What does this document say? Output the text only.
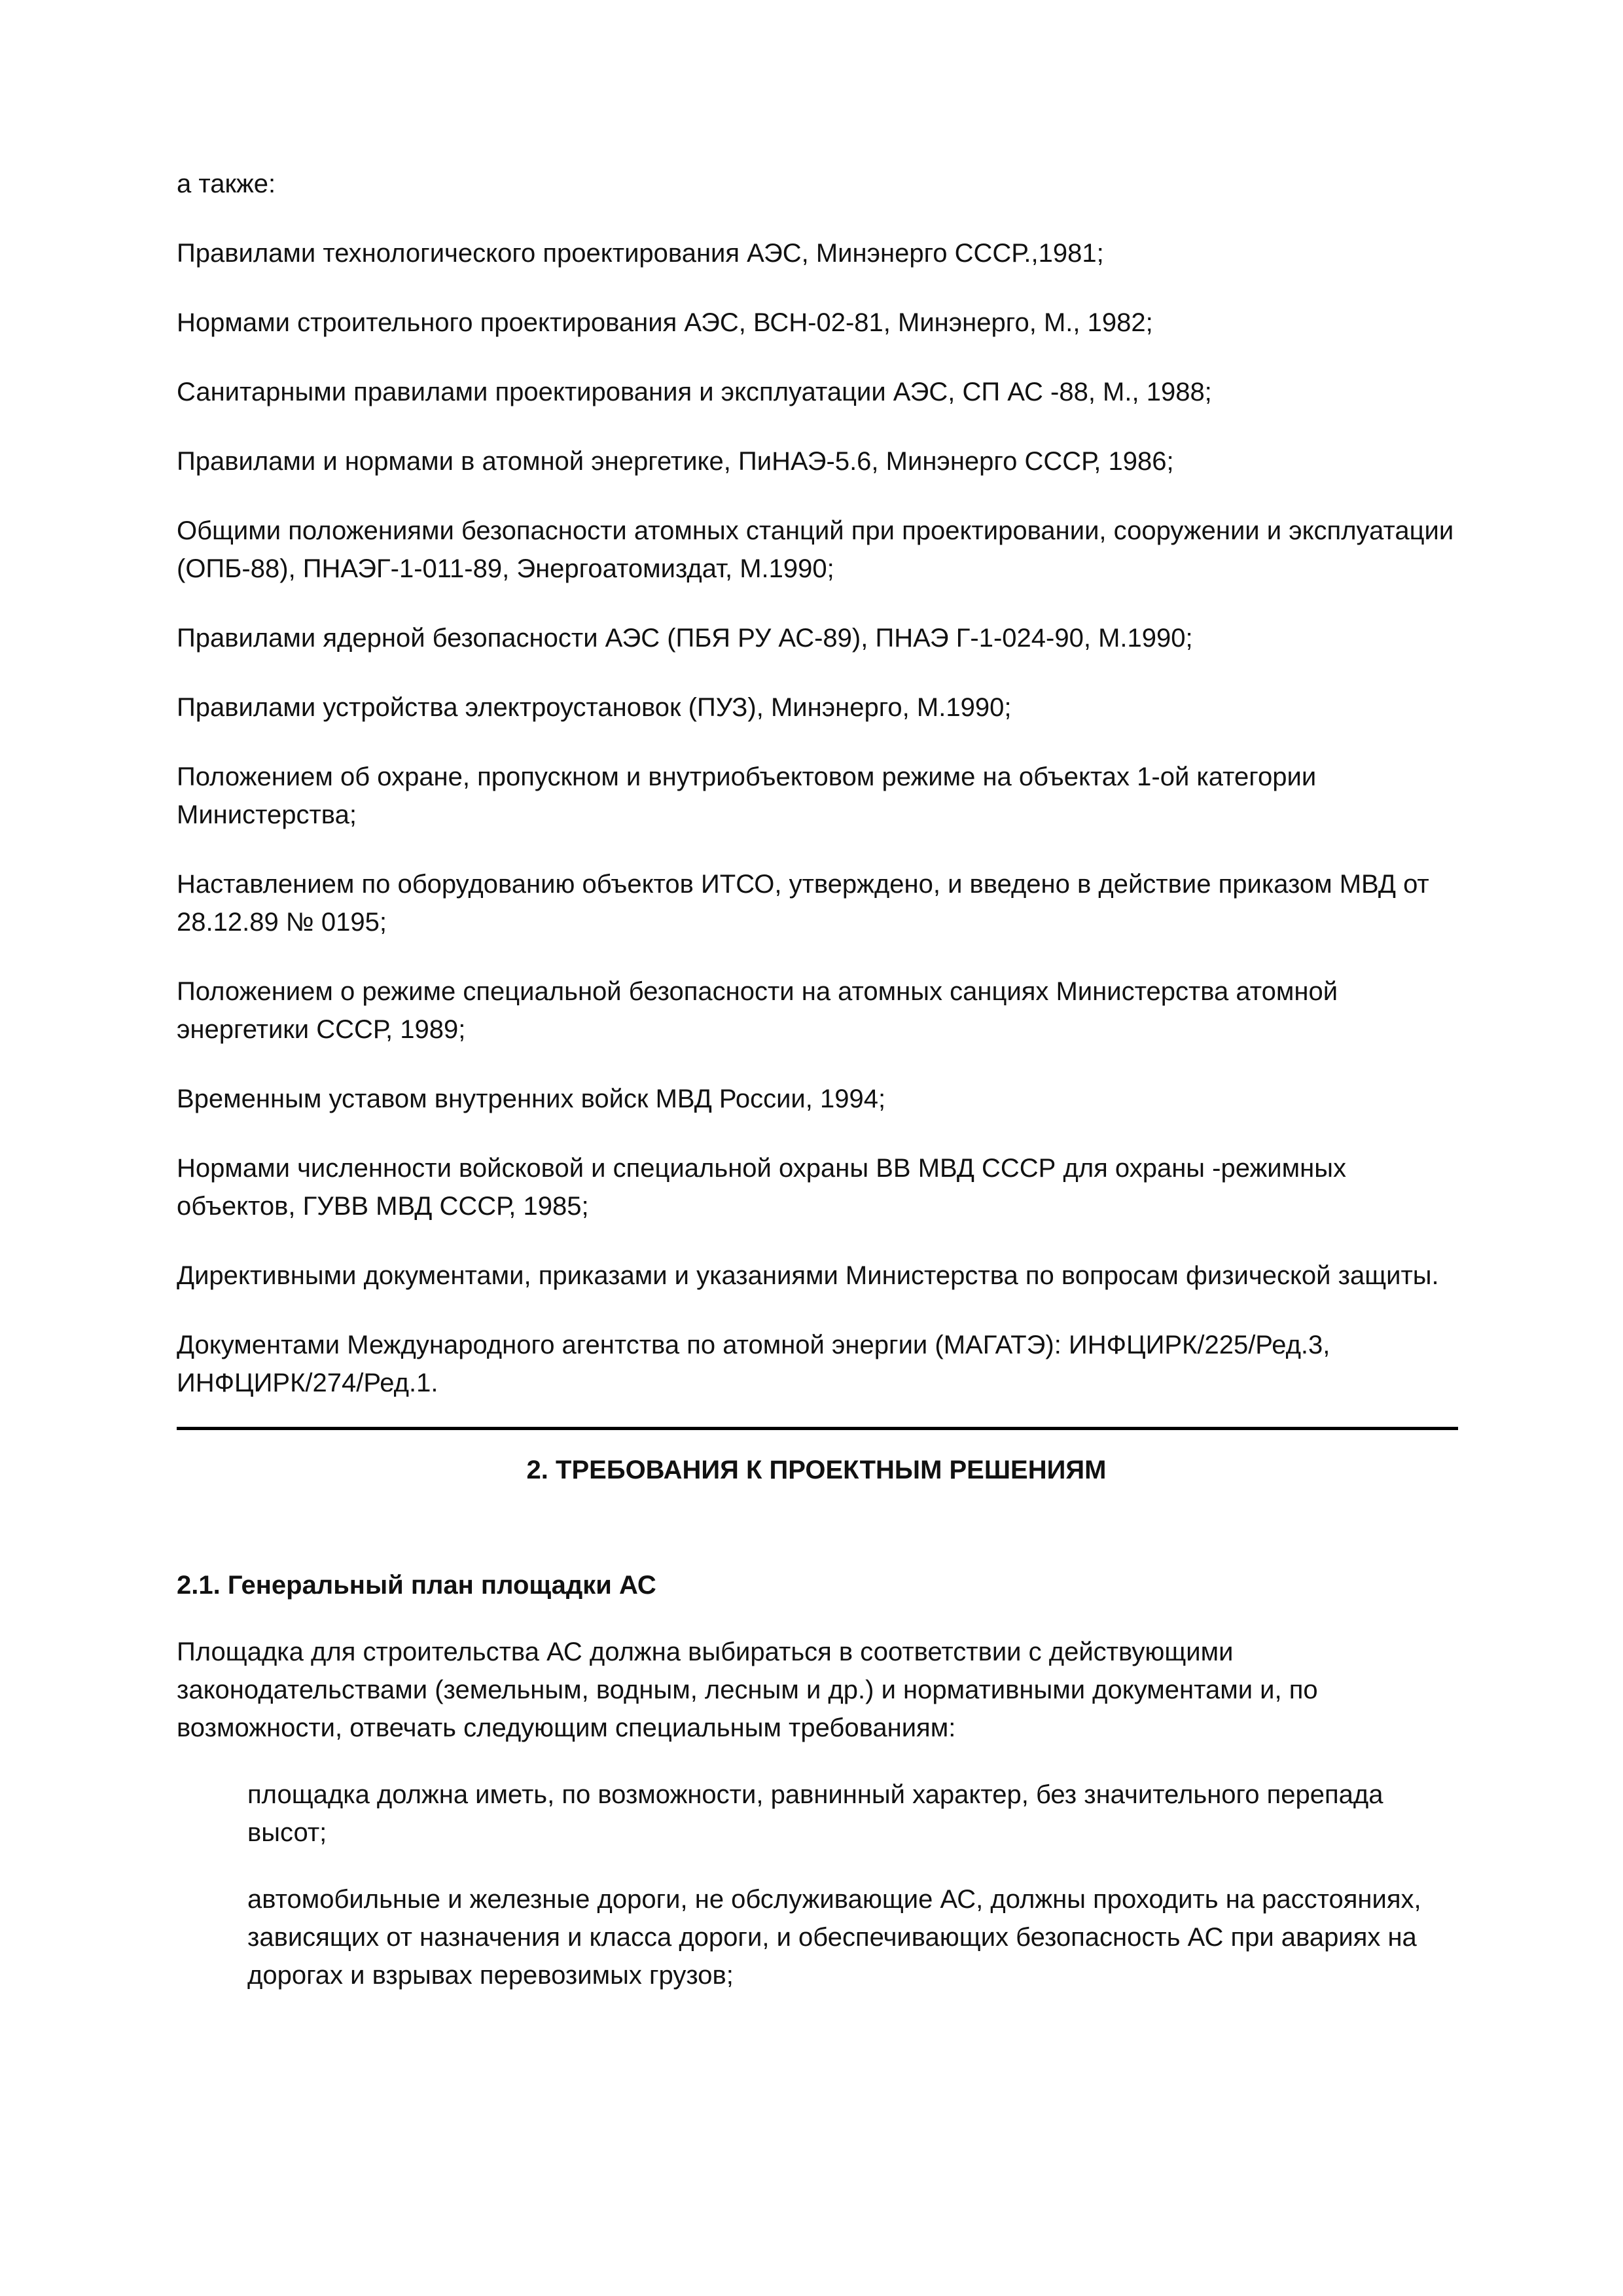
а также:

Правилами технологического проектирования АЭС, Минэнерго СССР.,1981;

Нормами строительного проектирования АЭС, ВСН-02-81, Минэнерго, М., 1982;

Санитарными правилами проектирования и эксплуатации АЭС, СП АС -88, М., 1988;

Правилами и нормами в атомной энергетике, ПиНАЭ-5.6, Минэнерго СССР, 1986;

Общими положениями безопасности атомных станций при проектировании, сооружении и эксплуатации (ОПБ-88), ПНАЭГ-1-011-89, Энергоатомиздат, М.1990;

Правилами ядерной безопасности АЭС (ПБЯ РУ АС-89), ПНАЭ Г-1-024-90, М.1990;

Правилами устройства электроустановок (ПУЗ), Минэнерго, М.1990;

Положением об охране, пропускном и внутриобъектовом режиме на объектах 1-ой категории Министерства;

Наставлением по оборудованию объектов ИТСО, утверждено, и введено в действие приказом МВД от 28.12.89 № 0195;

Положением о режиме специальной безопасности на атомных санциях Министерства атомной энергетики СССР, 1989;

Временным уставом внутренних войск МВД России, 1994;

Нормами численности войсковой и специальной охраны ВВ МВД СССР для охраны -режимных объектов, ГУВВ МВД СССР, 1985;

Директивными документами, приказами и указаниями Министерства по вопросам физической защиты.

Документами Международного агентства по атомной энергии (МАГАТЭ): ИНФЦИРК/225/Ред.3, ИНФЦИРК/274/Ред.1.

2. ТРЕБОВАНИЯ К ПРОЕКТНЫМ РЕШЕНИЯМ

2.1. Генеральный план площадки АС

Площадка для строительства АС должна выбираться в соответствии с действующими законодательствами (земельным, водным, лесным и др.) и нормативными документами и, по возможности, отвечать следующим специальным требованиям:

площадка должна иметь, по возможности, равнинный характер, без значительного перепада высот;

автомобильные и железные дороги, не обслуживающие АС, должны проходить на расстояниях, зависящих от назначения и класса дороги, и обеспечивающих безопасность АС при авариях на дорогах и взрывах перевозимых грузов;
